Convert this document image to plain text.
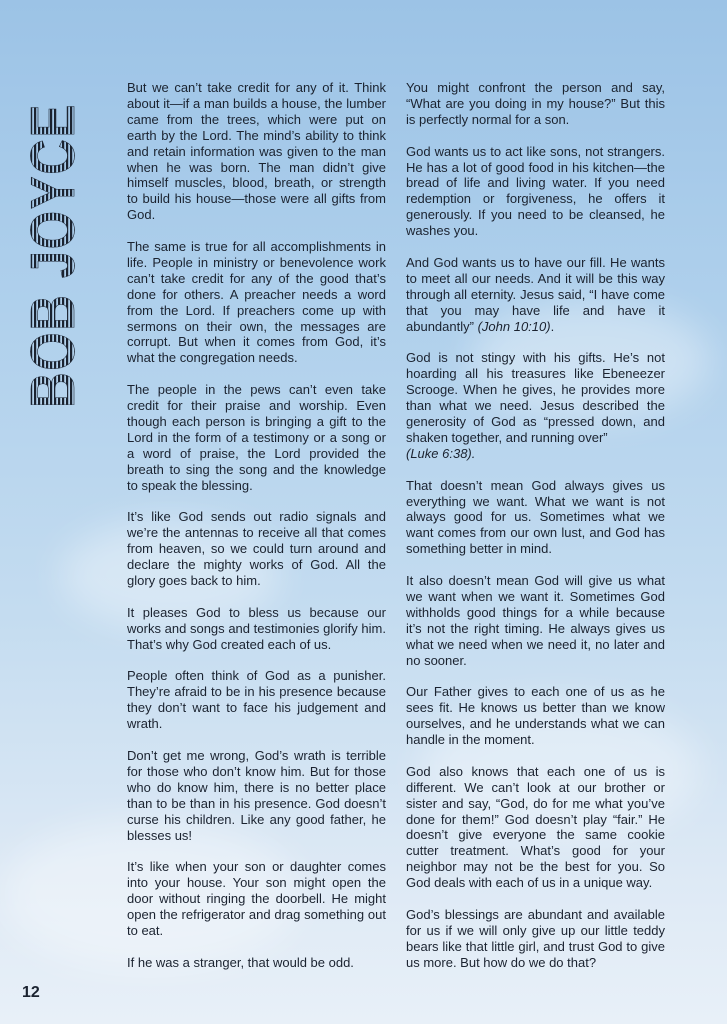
BOB JOYCE	But we can’t take credit for any of it. Think about it—if a man builds a house, the lumber came from the trees, which were put on earth by the Lord. The mind’s ability to think and retain information was given to the man when he was born. The man didn’t give himself muscles, blood, breath, or strength to build his house—those were all gifts from God.

The same is true for all accomplishments in life. People in ministry or benevolence work can’t take credit for any of the good that’s done for others. A preacher needs a word from the Lord. If preachers come up with sermons on their own, the messages are corrupt. But when it comes from God, it’s what the congregation needs.

The people in the pews can’t even take credit for their praise and worship. Even though each person is bringing a gift to the Lord in the form of a testimony or a song or a word of praise, the Lord provided the breath to sing the song and the knowledge to speak the blessing.

It’s like God sends out radio signals and we’re the antennas to receive all that comes from heaven, so we could turn around and declare the mighty works of God. All the glory goes back to him.

It pleases God to bless us because our works and songs and testimonies glorify him. That’s why God created each of us.

People often think of God as a punisher. They’re afraid to be in his presence because they don’t want to face his judgement and wrath.

Don’t get me wrong, God’s wrath is terrible for those who don’t know him. But for those who do know him, there is no better place than to be than in his presence. God doesn’t curse his children. Like any good father, he blesses us!

It’s like when your son or daughter comes into your house. Your son might open the door without ringing the doorbell. He might open the refrigerator and drag something out to eat.

If he was a stranger, that would be odd.

You might confront the person and say, “What are you doing in my house?” But this is perfectly normal for a son.

God wants us to act like sons, not strangers. He has a lot of good food in his kitchen—the bread of life and living water. If you need redemption or forgiveness, he offers it generously. If you need to be cleansed, he washes you.

And God wants us to have our fill. He wants to meet all our needs. And it will be this way through all eternity. Jesus said, “I have come that you may have life and have it abundantly” (John 10:10).

God is not stingy with his gifts. He’s not hoarding all his treasures like Ebeneezer Scrooge. When he gives, he provides more than what we need. Jesus described the generosity of God as “pressed down, and shaken together, and running over”
(Luke 6:38).

That doesn’t mean God always gives us everything we want. What we want is not always good for us. Sometimes what we want comes from our own lust, and God has something better in mind.

It also doesn’t mean God will give us what we want when we want it. Sometimes God withholds good things for a while because it’s not the right timing. He always gives us what we need when we need it, no later and no sooner.

Our Father gives to each one of us as he sees fit. He knows us better than we know ourselves, and he understands what we can handle in the moment.

God also knows that each one of us is different. We can’t look at our brother or sister and say, “God, do for me what you’ve done for them!” God doesn’t play “fair.” He doesn’t give everyone the same cookie cutter treatment. What’s good for your neighbor may not be the best for you. So God deals with each of us in a unique way.

God’s blessings are abundant and available for us if we will only give up our little teddy bears like that little girl, and trust God to give us more. But how do we do that?

12
